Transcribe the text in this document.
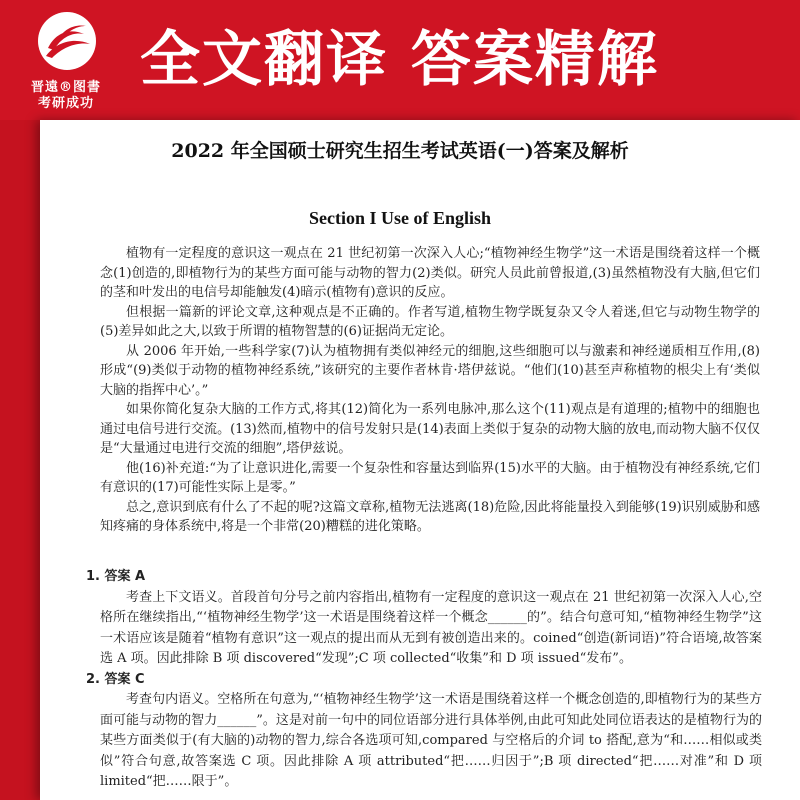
晋遠®图書
考研成功
全文翻译 答案精解
2022 年全国硕士研究生招生考试英语(一)答案及解析
Section I Use of English

植物有一定程度的意识这一观点在 21 世纪初第一次深入人心;“植物神经生物学”这一术语是围绕着这样一个概念(1)创造的,即植物行为的某些方面可能与动物的智力(2)类似。研究人员此前曾报道,(3)虽然植物没有大脑,但它们的茎和叶发出的电信号却能触发(4)暗示(植物有)意识的反应。

但根据一篇新的评论文章,这种观点是不正确的。作者写道,植物生物学既复杂又令人着迷,但它与动物生物学的(5)差异如此之大,以致于所谓的植物智慧的(6)证据尚无定论。

从 2006 年开始,一些科学家(7)认为植物拥有类似神经元的细胞,这些细胞可以与激素和神经递质相互作用,(8)形成“(9)类似于动物的植物神经系统,”该研究的主要作者林肯·塔伊兹说。“他们(10)甚至声称植物的根尖上有‘类似大脑的指挥中心’。”

如果你简化复杂大脑的工作方式,将其(12)简化为一系列电脉冲,那么这个(11)观点是有道理的;植物中的细胞也通过电信号进行交流。(13)然而,植物中的信号发射只是(14)表面上类似于复杂的动物大脑的放电,而动物大脑不仅仅是“大量通过电进行交流的细胞”,塔伊兹说。

他(16)补充道:“为了让意识进化,需要一个复杂性和容量达到临界(15)水平的大脑。由于植物没有神经系统,它们有意识的(17)可能性实际上是零。”

总之,意识到底有什么了不起的呢?这篇文章称,植物无法逃离(18)危险,因此将能量投入到能够(19)识别威胁和感知疼痛的身体系统中,将是一个非常(20)糟糕的进化策略。

1. 答案 A

考查上下文语义。首段首句分号之前内容指出,植物有一定程度的意识这一观点在 21 世纪初第一次深入人心,空格所在继续指出,“‘植物神经生物学’这一术语是围绕着这样一个概念______的”。结合句意可知,“植物神经生物学”这一术语应该是随着“植物有意识”这一观点的提出而从无到有被创造出来的。coined“创造(新词语)”符合语境,故答案选 A 项。因此排除 B 项 discovered“发现”;C 项 collected“收集”和 D 项 issued“发布”。

2. 答案 C

考查句内语义。空格所在句意为,“‘植物神经生物学’这一术语是围绕着这样一个概念创造的,即植物行为的某些方面可能与动物的智力______”。这是对前一句中的同位语部分进行具体举例,由此可知此处同位语表达的是植物行为的某些方面类似于(有大脑的)动物的智力,综合各选项可知,compared 与空格后的介词 to 搭配,意为“和……相似或类似”符合句意,故答案选 C 项。因此排除 A 项 attributed“把……归因于”;B 项 directed“把……对准”和 D 项 limited“把……限于”。
